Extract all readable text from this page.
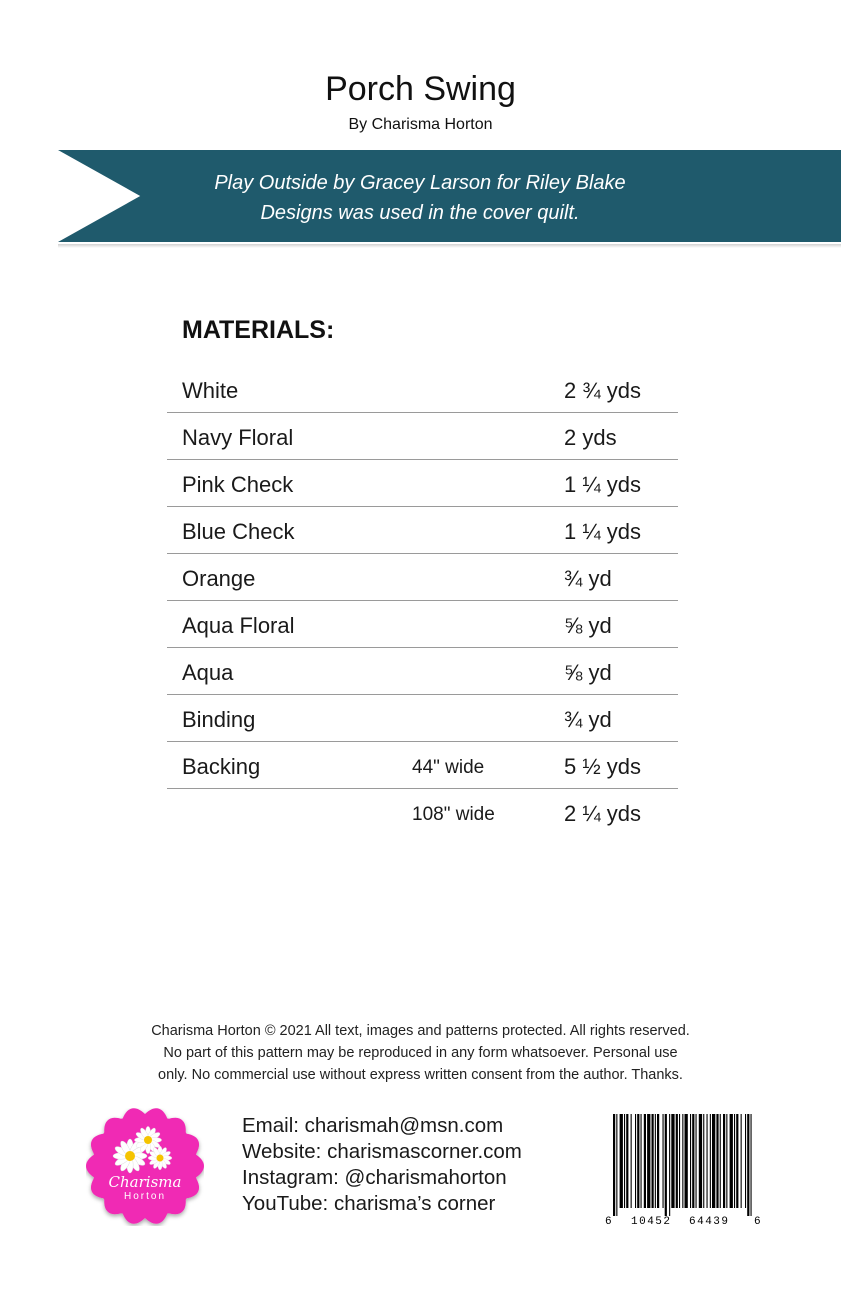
Porch Swing
By Charisma Horton
Play Outside by Gracey Larson for Riley Blake
Designs was used in the cover quilt.
MATERIALS:
White	2 ¾ yds
Navy Floral	2 yds
Pink Check	1 ¼ yds
Blue Check	1 ¼ yds
Orange	¾ yd
Aqua Floral	⅝ yd
Aqua	⅝ yd
Binding	¾ yd
Backing	44" wide	5 ½ yds
108" wide	2 ¼ yds
Charisma Horton © 2021 All text, images and patterns protected. All rights reserved.
No part of this pattern may be reproduced in any form whatsoever. Personal use
only. No commercial use without express written consent from the author. Thanks.
Charisma
Horton
Email: charismah@msn.com
Website: charismascorner.com
Instagram: @charismahorton
YouTube: charisma’s corner
6 10452 64439 6
